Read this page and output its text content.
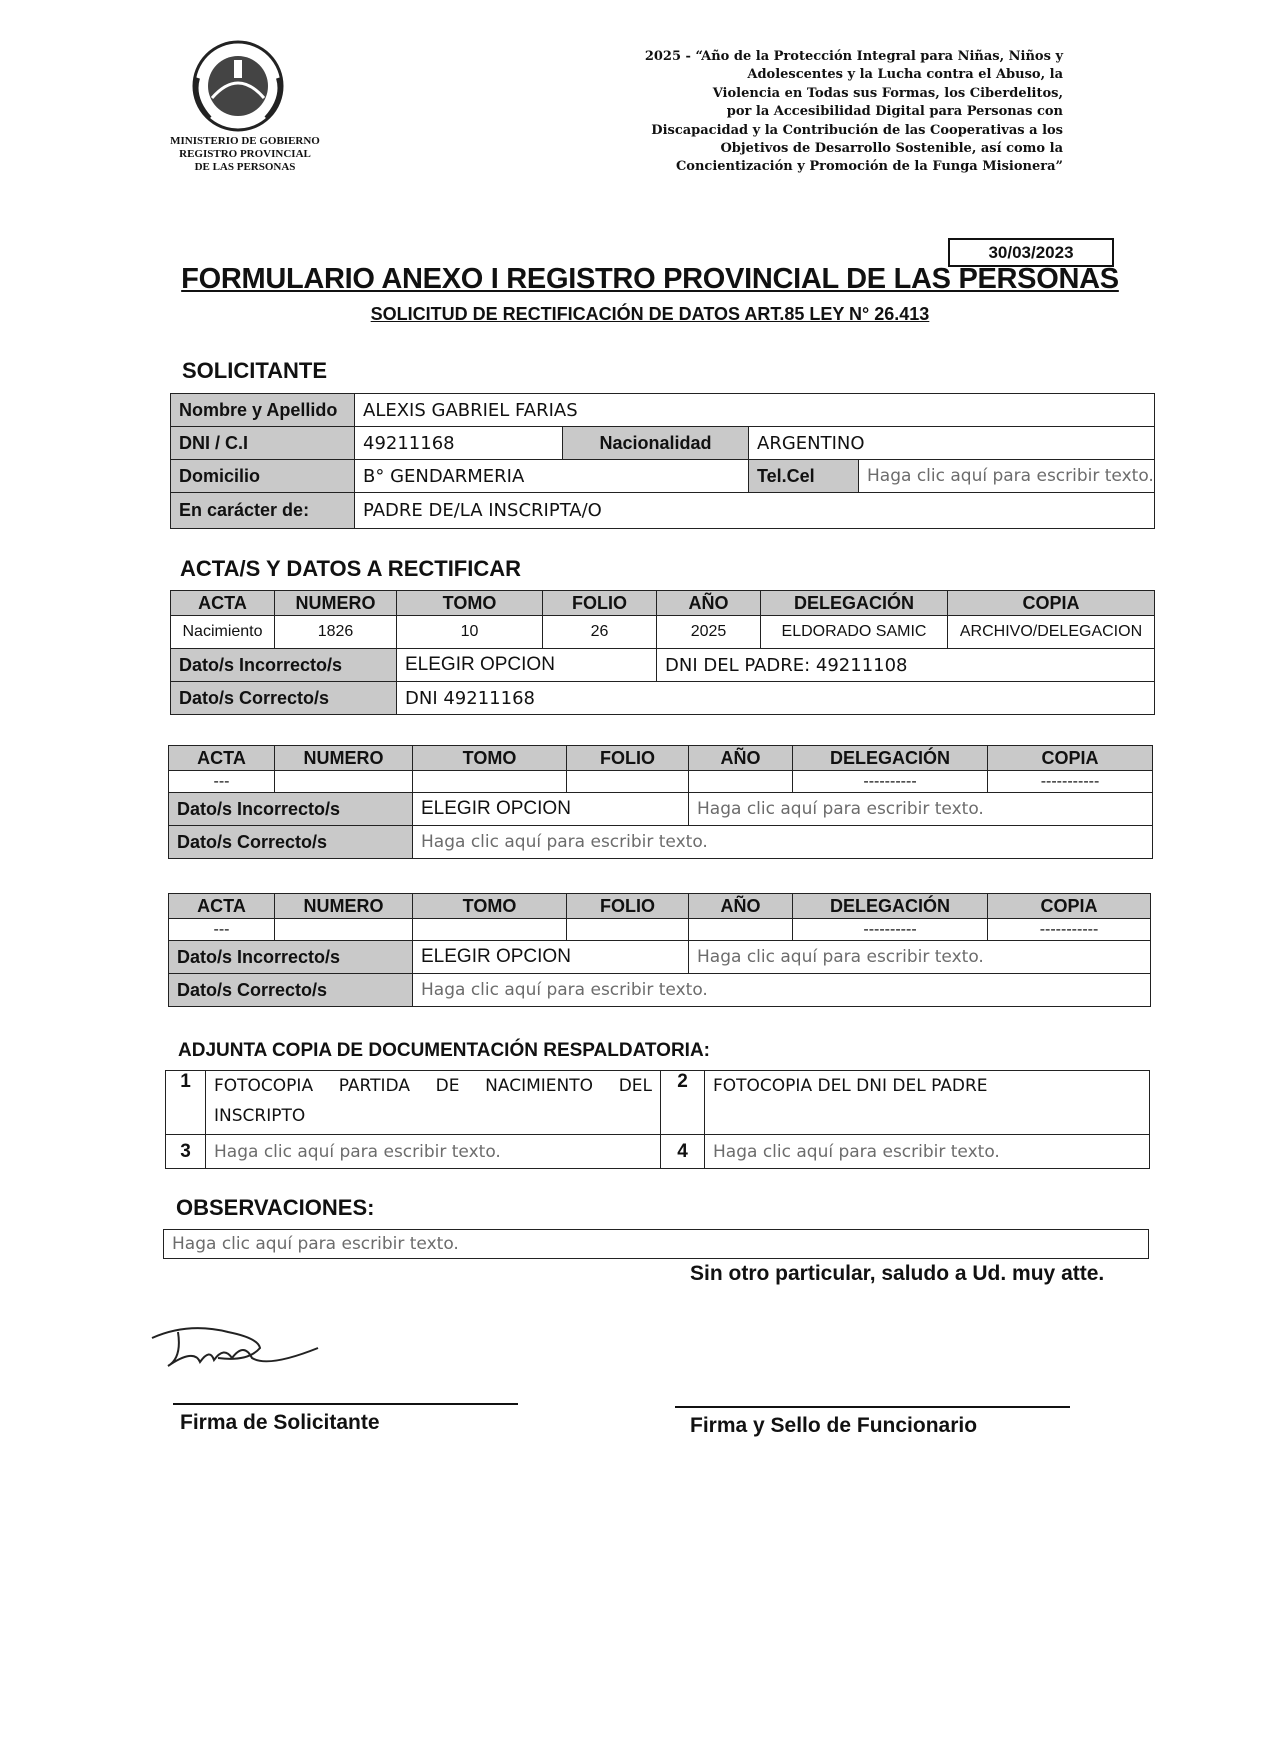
MINISTERIO DE GOBIERNO
REGISTRO PROVINCIAL
DE LAS PERSONAS
2025 - “Año de la Protección Integral para Niñas, Niños y
Adolescentes y la Lucha contra el Abuso, la
Violencia en Todas sus Formas, los Ciberdelitos,
por la Accesibilidad Digital para Personas con
Discapacidad y la Contribución de las Cooperativas a los
Objetivos de Desarrollo Sostenible, así como la
Concientización y Promoción de la Funga Misionera”
30/03/2023
FORMULARIO ANEXO I REGISTRO PROVINCIAL DE LAS PERSONAS
SOLICITUD DE RECTIFICACIÓN DE DATOS ART.85 LEY N° 26.413
SOLICITANTE
Nombre y Apellido	ALEXIS GABRIEL FARIAS			
DNI / C.I	49211168	Nacionalidad	ARGENTINO	
Domicilio	B° GENDARMERIA		Tel.Cel	Haga clic aquí para escribir texto.
En carácter de:	PADRE DE/LA INSCRIPTA/O			
ACTA/S Y DATOS A RECTIFICAR
ACTA	NUMERO	TOMO	FOLIO	AÑO	DELEGACIÓN	COPIA
Nacimiento	1826	10	26	2025	ELDORADO SAMIC	ARCHIVO/DELEGACION
Dato/s Incorrecto/s		ELEGIR OPCION		DNI DEL PADRE: 49211108		
Dato/s Correcto/s		DNI 49211168				
ACTA	NUMERO	TOMO	FOLIO	AÑO	DELEGACIÓN	COPIA
---					----------	-----------
Dato/s Incorrecto/s		ELEGIR OPCION		Haga clic aquí para escribir texto.		
Dato/s Correcto/s		Haga clic aquí para escribir texto.				
ACTA	NUMERO	TOMO	FOLIO	AÑO	DELEGACIÓN	COPIA
---					----------	-----------
Dato/s Incorrecto/s		ELEGIR OPCION		Haga clic aquí para escribir texto.		
Dato/s Correcto/s		Haga clic aquí para escribir texto.				
ADJUNTA COPIA DE DOCUMENTACIÓN RESPALDATORIA:
1	FOTOCOPIA PARTIDA DE NACIMIENTO DEL INSCRIPTO	2	FOTOCOPIA DEL DNI DEL PADRE
3	Haga clic aquí para escribir texto.	4	Haga clic aquí para escribir texto.
OBSERVACIONES:
Haga clic aquí para escribir texto.
Sin otro particular, saludo a Ud. muy atte.
Firma de Solicitante	Firma y Sello de Funcionario
